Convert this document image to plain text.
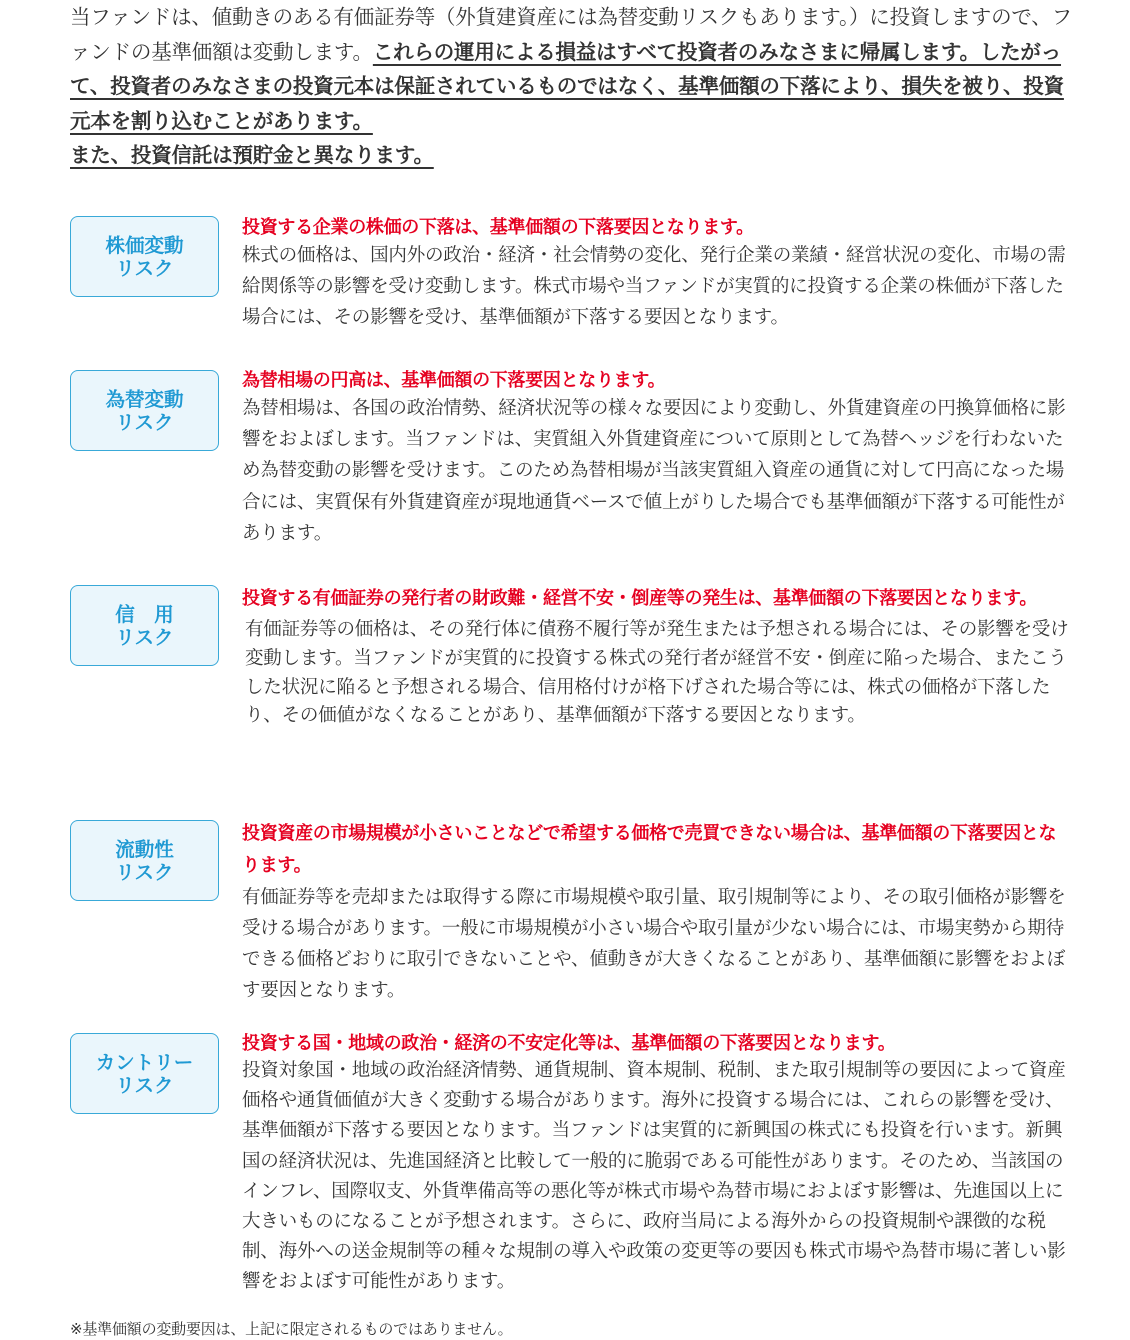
当ファンドは、値動きのある有価証券等（外貨建資産には為替変動リスクもあります。）に投資しますので、ファンドの基準価額は変動します。これらの運用による損益はすべて投資者のみなさまに帰属します。したがって、投資者のみなさまの投資元本は保証されているものではなく、基準価額の下落により、損失を被り、投資元本を割り込むことがあります。
また、投資信託は預貯金と異なります。
株価変動
リスク
投資する企業の株価の下落は、基準価額の下落要因となります。
株式の価格は、国内外の政治・経済・社会情勢の変化、発行企業の業績・経営状況の変化、市場の需給関係等の影響を受け変動します。株式市場や当ファンドが実質的に投資する企業の株価が下落した場合には、その影響を受け、基準価額が下落する要因となります。
為替変動
リスク
為替相場の円高は、基準価額の下落要因となります。
為替相場は、各国の政治情勢、経済状況等の様々な要因により変動し、外貨建資産の円換算価格に影響をおよぼします。当ファンドは、実質組入外貨建資産について原則として為替ヘッジを行わないため為替変動の影響を受けます。このため為替相場が当該実質組入資産の通貨に対して円高になった場合には、実質保有外貨建資産が現地通貨ベースで値上がりした場合でも基準価額が下落する可能性があります。
信　用
リスク
投資する有価証券の発行者の財政難・経営不安・倒産等の発生は、基準価額の下落要因となります。
有価証券等の価格は、その発行体に債務不履行等が発生または予想される場合には、その影響を受け変動します。当ファンドが実質的に投資する株式の発行者が経営不安・倒産に陥った場合、またこうした状況に陥ると予想される場合、信用格付けが格下げされた場合等には、株式の価格が下落したり、その価値がなくなることがあり、基準価額が下落する要因となります。
流動性
リスク
投資資産の市場規模が小さいことなどで希望する価格で売買できない場合は、基準価額の下落要因となります。
有価証券等を売却または取得する際に市場規模や取引量、取引規制等により、その取引価格が影響を受ける場合があります。一般に市場規模が小さい場合や取引量が少ない場合には、市場実勢から期待できる価格どおりに取引できないことや、値動きが大きくなることがあり、基準価額に影響をおよぼす要因となります。
カントリー
リスク
投資する国・地域の政治・経済の不安定化等は、基準価額の下落要因となります。
投資対象国・地域の政治経済情勢、通貨規制、資本規制、税制、また取引規制等の要因によって資産価格や通貨価値が大きく変動する場合があります。海外に投資する場合には、これらの影響を受け、基準価額が下落する要因となります。当ファンドは実質的に新興国の株式にも投資を行います。新興国の経済状況は、先進国経済と比較して一般的に脆弱である可能性があります。そのため、当該国のインフレ、国際収支、外貨準備高等の悪化等が株式市場や為替市場におよぼす影響は、先進国以上に大きいものになることが予想されます。さらに、政府当局による海外からの投資規制や課徴的な税制、海外への送金規制等の種々な規制の導入や政策の変更等の要因も株式市場や為替市場に著しい影響をおよぼす可能性があります。
※基準価額の変動要因は、上記に限定されるものではありません。
